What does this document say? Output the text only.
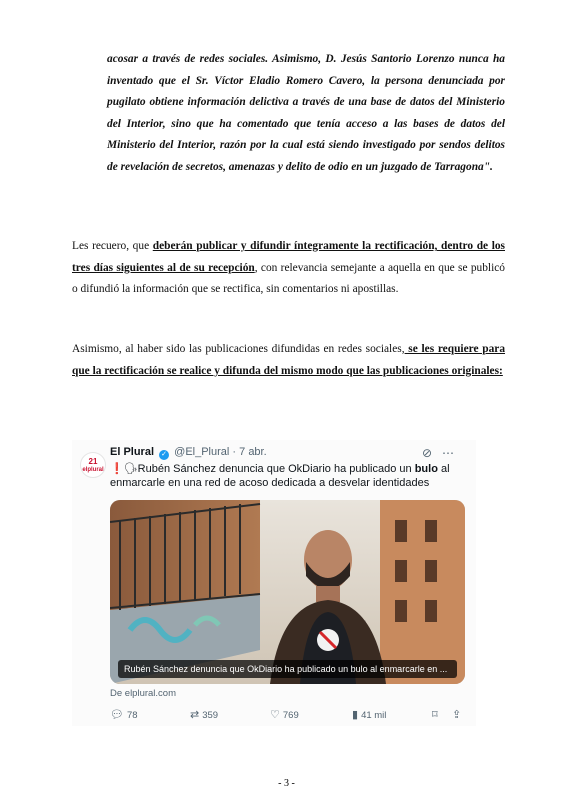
acosar a través de redes sociales. Asimismo, D. Jesús Santorio Lorenzo nunca ha inventado que el Sr. Víctor Eladio Romero Cavero, la persona denunciada por pugilato obtiene información delictiva a través de una base de datos del Ministerio del Interior, sino que ha comentado que tenía acceso a las bases de datos del Ministerio del Interior, razón por la cual está siendo investigado por sendos delitos de revelación de secretos, amenazas y delito de odio en un juzgado de Tarragona".
Les recuero, que deberán publicar y difundir íntegramente la rectificación, dentro de los tres días siguientes al de su recepción, con relevancia semejante a aquella en que se publicó o difundió la información que se rectifica, sin comentarios ni apostillas.
Asimismo, al haber sido las publicaciones difundidas en redes sociales, se les requiere para que la rectificación se realice y difunda del mismo modo que las publicaciones originales:
21
elplural
El Plural ✓ @El_Plural · 7 abr.	⊘⋯
❗🗣Rubén Sánchez denuncia que OkDiario ha publicado un bulo al enmarcarle en una red de acoso dedicada a desvelar identidades
Rubén Sánchez denuncia que OkDiario ha publicado un bulo al enmarcarle en ...
De elplural.com
💬︎ 78	⇄ 359	♡ 769	▮ 41 mil	⌑ ⇪
- 3 -
